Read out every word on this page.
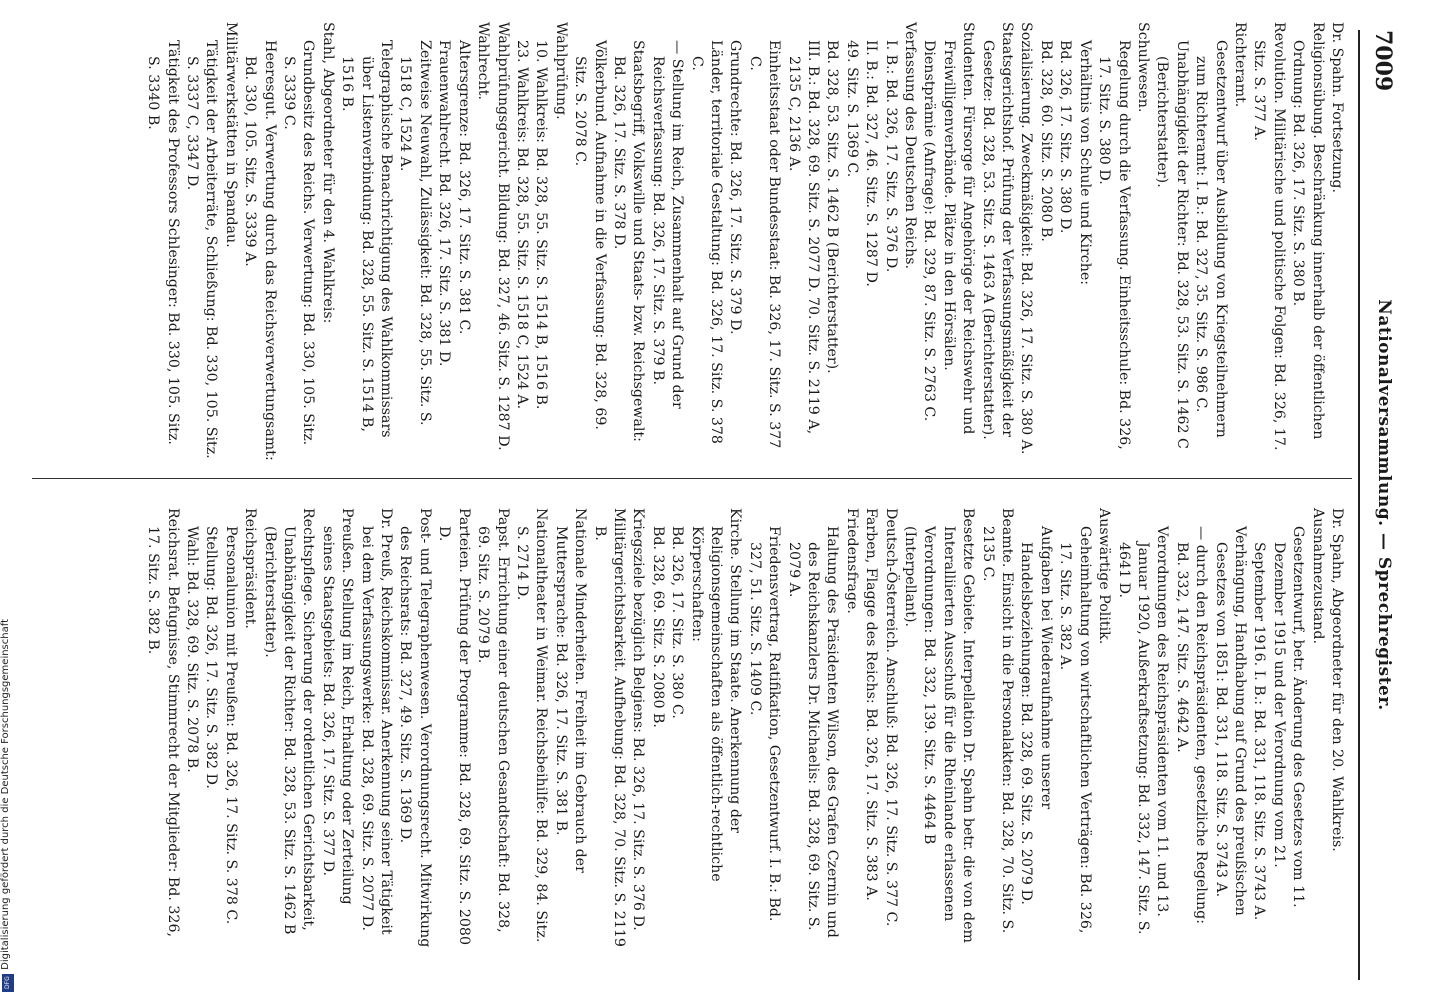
7009
Nationalversammlung. — Sprechregister.

Dr. Spahn. Fortsetzung.

Religionsübung. Beschränkung innerhalb der öffentlichen Ordnung: Bd. 326, 17. Sitz. S. 380 B.

Revolution. Militärische und politische Folgen: Bd. 326, 17. Sitz. S. 377 A.

Richteramt.

Gesetzentwurf über Ausbildung von Kriegsteilnehmern zum Richteramt: I. B.: Bd. 327, 35. Sitz. S. 986 C.

Unabhängigkeit der Richter: Bd. 328, 53. Sitz. S. 1462 C (Berichterstatter).

Schulwesen.

Regelung durch die Verfassung. Einheitsschule: Bd. 326, 17. Sitz. S. 380 D.

Verhältnis von Schule und Kirche:

Bd. 326, 17. Sitz. S. 380 D.

Bd. 328, 60. Sitz. S. 2080 B.

Sozialisierung. Zweckmäßigkeit: Bd. 326, 17. Sitz. S. 380 A.

Staatsgerichtshof. Prüfung der Verfassungsmäßigkeit der Gesetze: Bd. 328, 53. Sitz. S. 1463 A (Berichterstatter).

Studenten. Fürsorge für Angehörige der Reichswehr und Freiwilligenverbände. Plätze in den Hörsälen. Dienstprämie (Anfrage): Bd. 329, 87. Sitz. S. 2763 C.

Verfassung des Deutschen Reichs.

I. B.: Bd. 326, 17. Sitz. S. 376 D.

II. B.: Bd. 327, 46. Sitz. S. 1287 D.

49. Sitz. S. 1369 C.

Bd. 328, 53. Sitz. S. 1462 B (Berichterstatter).

III. B.: Bd. 328, 69. Sitz. S. 2077 D. 70. Sitz. S. 2119 A, 2135 C, 2136 A.

Einheitsstaat oder Bundesstaat: Bd. 326, 17. Sitz. S. 377 C.

Grundrechte: Bd. 326, 17. Sitz. S. 379 D.

Länder, territoriale Gestaltung: Bd. 326, 17. Sitz. S. 378 C.

— Stellung im Reich, Zusammenhalt auf Grund der Reichsverfassung: Bd. 326, 17. Sitz. S. 379 B.

Staatsbegriff, Volkswille und Staats- bzw. Reichsgewalt: Bd. 326, 17. Sitz. S. 378 D.

Völkerbund. Aufnahme in die Verfassung: Bd. 328, 69. Sitz. S. 2078 C.

Wahlprüfung.

10. Wahlkreis: Bd. 328, 55. Sitz. S. 1514 B, 1516 B.

23. Wahlkreis: Bd. 328, 55. Sitz. S. 1518 C, 1524 A.

Wahlprüfungsgericht. Bildung: Bd. 327, 46. Sitz. S. 1287 D.

Wahlrecht.

Altersgrenze: Bd. 326, 17. Sitz. S. 381 C.

Frauenwahlrecht. Bd. 326, 17. Sitz. S. 381 D.

Zeitweise Neuwahl, Zulässigkeit: Bd. 328, 55. Sitz. S. 1518 C, 1524 A.

Telegraphische Benachrichtigung des Wahlkommissars über Listenverbindung: Bd. 328, 55. Sitz. S. 1514 B, 1516 B.

Stahl, Abgeordneter für den 4. Wahlkreis:

Grundbesitz des Reichs. Verwertung: Bd. 330, 105. Sitz. S. 3339 C.

Heeresgut. Verwertung durch das Reichsverwertungsamt: Bd. 330, 105. Sitz. S. 3339 A.

Militärwerkstätten in Spandau.

Tätigkeit der Arbeiterräte, Schließung: Bd. 330, 105. Sitz. S. 3337 C, 3347 D.

Tätigkeit des Professors Schlesinger: Bd. 330, 105. Sitz. S. 3340 B.

Dr. Spahn, Abgeordneter für den 20. Wahlkreis.

Ausnahmezustand.

Gesetzentwurf, betr. Änderung des Gesetzes vom 11. Dezember 1915 und der Verordnung vom 21. September 1916. I. B.: Bd. 331, 118. Sitz. S. 3743 A.

Verhängung, Handhabung auf Grund des preußischen Gesetzes von 1851: Bd. 331, 118. Sitz. S. 3743 A.

— durch den Reichspräsidenten, gesetzliche Regelung: Bd. 332, 147. Sitz. S. 4642 A.

Verordnungen des Reichspräsidenten vom 11. und 13. Januar 1920, Außerkraftsetzung: Bd. 332, 147. Sitz. S. 4641 D.

Auswärtige Politik.

Geheimhaltung von wirtschaftlichen Verträgen: Bd. 326, 17. Sitz. S. 382 A.

Aufgaben bei Wiederaufnahme unserer Handelsbeziehungen: Bd. 328, 69. Sitz. S. 2079 D.

Beamte. Einsicht in die Personalakten: Bd. 328, 70. Sitz. S. 2135 C.

Besetzte Gebiete. Interpellation Dr. Spahn betr. die von dem Interalliierten Ausschuß für die Rheinlande erlassenen Verordnungen: Bd. 332, 139. Sitz. S. 4464 B (Interpellant).

Deutsch-Österreich. Anschluß: Bd. 326, 17. Sitz. S. 377 C.

Farben, Flagge des Reichs: Bd. 326, 17. Sitz. S. 383 A.

Friedensfrage.

Haltung des Präsidenten Wilson, des Grafen Czernin und des Reichskanzlers Dr. Michaelis: Bd. 328, 69. Sitz. S. 2079 A.

Friedensvertrag, Ratifikation, Gesetzentwurf. I. B.: Bd. 327, 51. Sitz. S. 1409 C.

Kirche. Stellung im Staate. Anerkennung der Religionsgemeinschaften als öffentlich-rechtliche Körperschaften:

Bd. 326, 17. Sitz. S. 380 C.

Bd. 328, 69. Sitz. S. 2080 B.

Kriegsziele bezüglich Belgiens: Bd. 326, 17. Sitz. S. 376 D.

Militärgerichtsbarkeit. Aufhebung: Bd. 328, 70. Sitz. S. 2119 B.

Nationale Minderheiten. Freiheit im Gebrauch der Muttersprache: Bd. 326, 17. Sitz. S. 381 B.

Nationaltheater in Weimar. Reichsbeihilfe: Bd. 329, 84. Sitz. S. 2714 D.

Papst. Errichtung einer deutschen Gesandtschaft: Bd. 328, 69. Sitz. S. 2079 B.

Parteien. Prüfung der Programme: Bd. 328, 69. Sitz. S. 2080 D.

Post- und Telegraphenwesen. Verordnungsrecht. Mitwirkung des Reichsrats: Bd. 327, 49. Sitz. S. 1369 D.

Dr. Preuß, Reichskommissar. Anerkennung seiner Tätigkeit bei dem Verfassungswerke: Bd. 328, 69. Sitz. S. 2077 D.

Preußen. Stellung im Reich, Erhaltung oder Zerteilung seines Staatsgebiets: Bd. 326, 17. Sitz. S. 377 D.

Rechtspflege. Sicherung der ordentlichen Gerichtsbarkeit, Unabhängigkeit der Richter: Bd. 328, 53. Sitz. S. 1462 B (Berichterstatter).

Reichspräsident.

Personalunion mit Preußen: Bd. 326, 17. Sitz. S. 378 C.

Stellung: Bd. 326, 17. Sitz. S. 382 D.

Wahl: Bd. 328, 69. Sitz. S. 2078 B.

Reichsrat. Befugnisse, Stimmrecht der Mitglieder: Bd. 326, 17. Sitz. S. 382 B.

Digitalisierung gefördert durch die Deutsche Forschungsgemeinschaft
DFG
